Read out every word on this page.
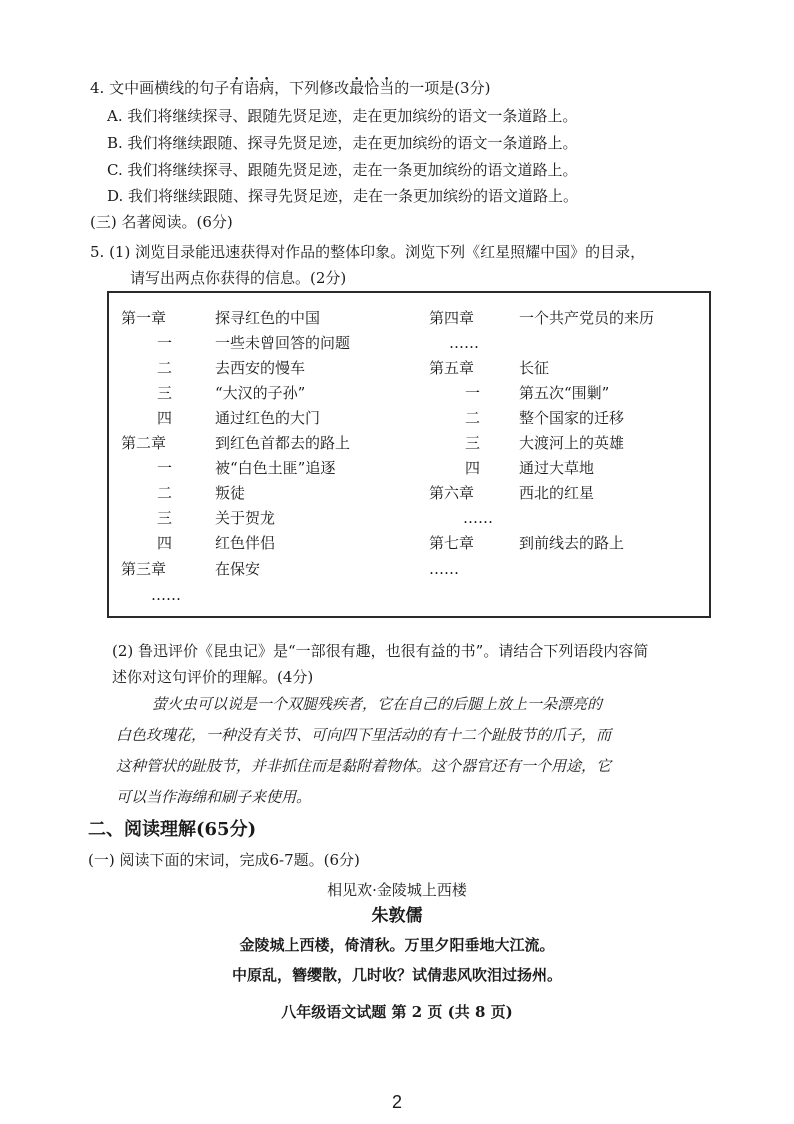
4. 文中画横线的句子有语病，下列修改最恰当的一项是(3分)
A. 我们将继续探寻、跟随先贤足迹，走在更加缤纷的语文一条道路上。
B. 我们将继续跟随、探寻先贤足迹，走在更加缤纷的语文一条道路上。
C. 我们将继续探寻、跟随先贤足迹，走在一条更加缤纷的语文道路上。
D. 我们将继续跟随、探寻先贤足迹，走在一条更加缤纷的语文道路上。
(三) 名著阅读。(6分)
5. (1) 浏览目录能迅速获得对作品的整体印象。浏览下列《红星照耀中国》的目录，
请写出两点你获得的信息。(2分)
第一章	探寻红色的中国
一	一些未曾回答的问题
二	去西安的慢车
三	“大汉的子孙”
四	通过红色的大门
第二章	到红色首都去的路上
一	被“白色土匪”追逐
二	叛徒
三	关于贺龙
四	红色伴侣
第三章	在保安
……
第四章	一个共产党员的来历
……
第五章	长征
一	第五次“围剿”
二	整个国家的迁移
三	大渡河上的英雄
四	通过大草地
第六章	西北的红星
……
第七章	到前线去的路上
……
(2) 鲁迅评价《昆虫记》是“一部很有趣，也很有益的书”。请结合下列语段内容简
述你对这句评价的理解。(4分)
萤火虫可以说是一个双腿残疾者，它在自己的后腿上放上一朵漂亮的
白色玫瑰花，一种没有关节、可向四下里活动的有十二个趾肢节的爪子，而
这种管状的趾肢节，并非抓住而是黏附着物体。这个器官还有一个用途，它
可以当作海绵和刷子来使用。
二、阅读理解(65分)
(一) 阅读下面的宋词，完成6-7题。(6分)
相见欢·金陵城上西楼
朱敦儒
金陵城上西楼，倚清秋。万里夕阳垂地大江流。
中原乱，簪缨散，几时收？试倩悲风吹泪过扬州。
八年级语文试题 第 2 页 (共 8 页)
2
